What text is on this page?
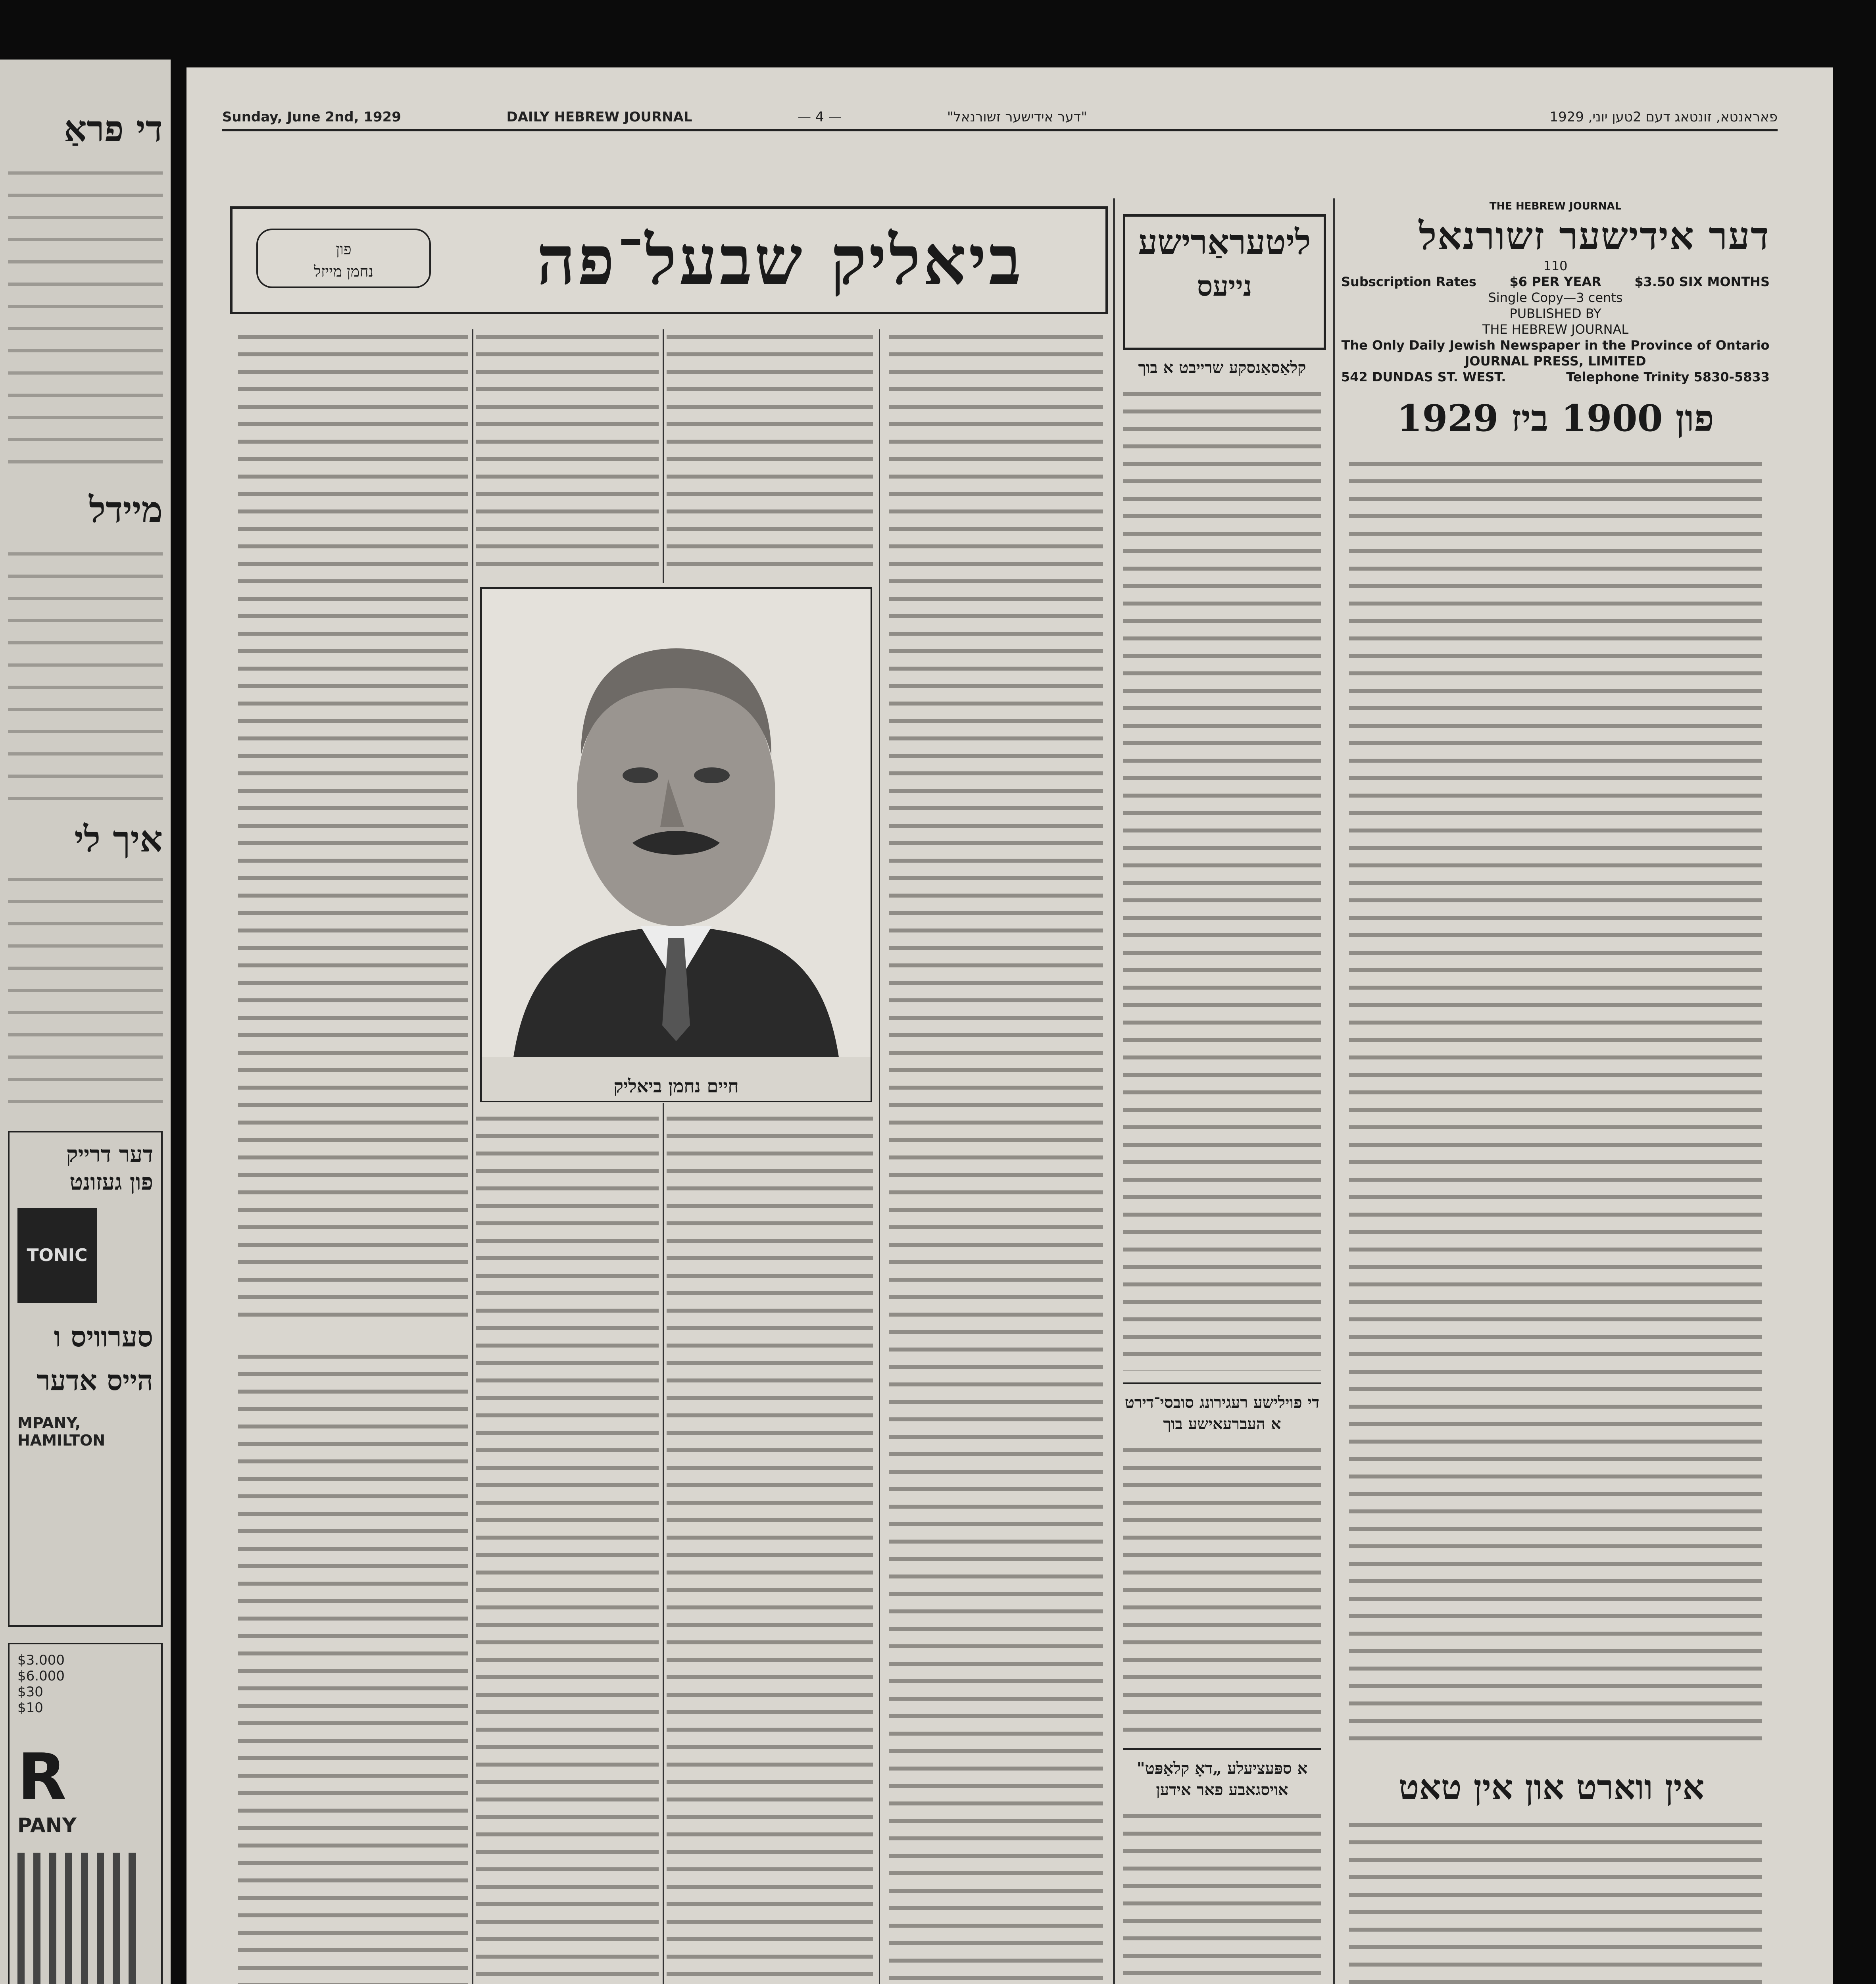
די פראַ
מיידל
איך לי
דער דרייק
פון געזונט
TONIC
סערוויס ו
הייס אדער
MPANY, HAMILTON
$3.000
$6.000
$30
$10
R
PANY
Sunday, June 2nd, 1929	DAILY HEBREW JOURNAL	— 4 —	"דער אידישער זשורנאל"	פאראנטא, זונטאג דעם 2טען יוני, 1929
THE HEBREW JOURNAL
דער אידישער זשורנאל
110
Subscription Rates	$6 PER YEAR	$3.50 SIX MONTHS
Single Copy—3 cents
PUBLISHED BY
THE HEBREW JOURNAL
The Only Daily Jewish Newspaper in the Province of Ontario
JOURNAL PRESS, LIMITED
542 DUNDAS ST. WEST.	Telephone Trinity 5830-5833
פון 1900 ביז 1929
אין ווארט און אין טאט
ליטעראַרישע
נייעס
קלאַסאַנסקע שרייבט א בוך
די פוילישע רעגירונג סובסי־דירט א העברעאישע בוך
א ספּעציעלע „דאָ קלאַפּט" אויסגאבע פאר אידען
ביאליק שבעל־פה
פון
נחמן מייזל
חיים נחמן ביאליק
